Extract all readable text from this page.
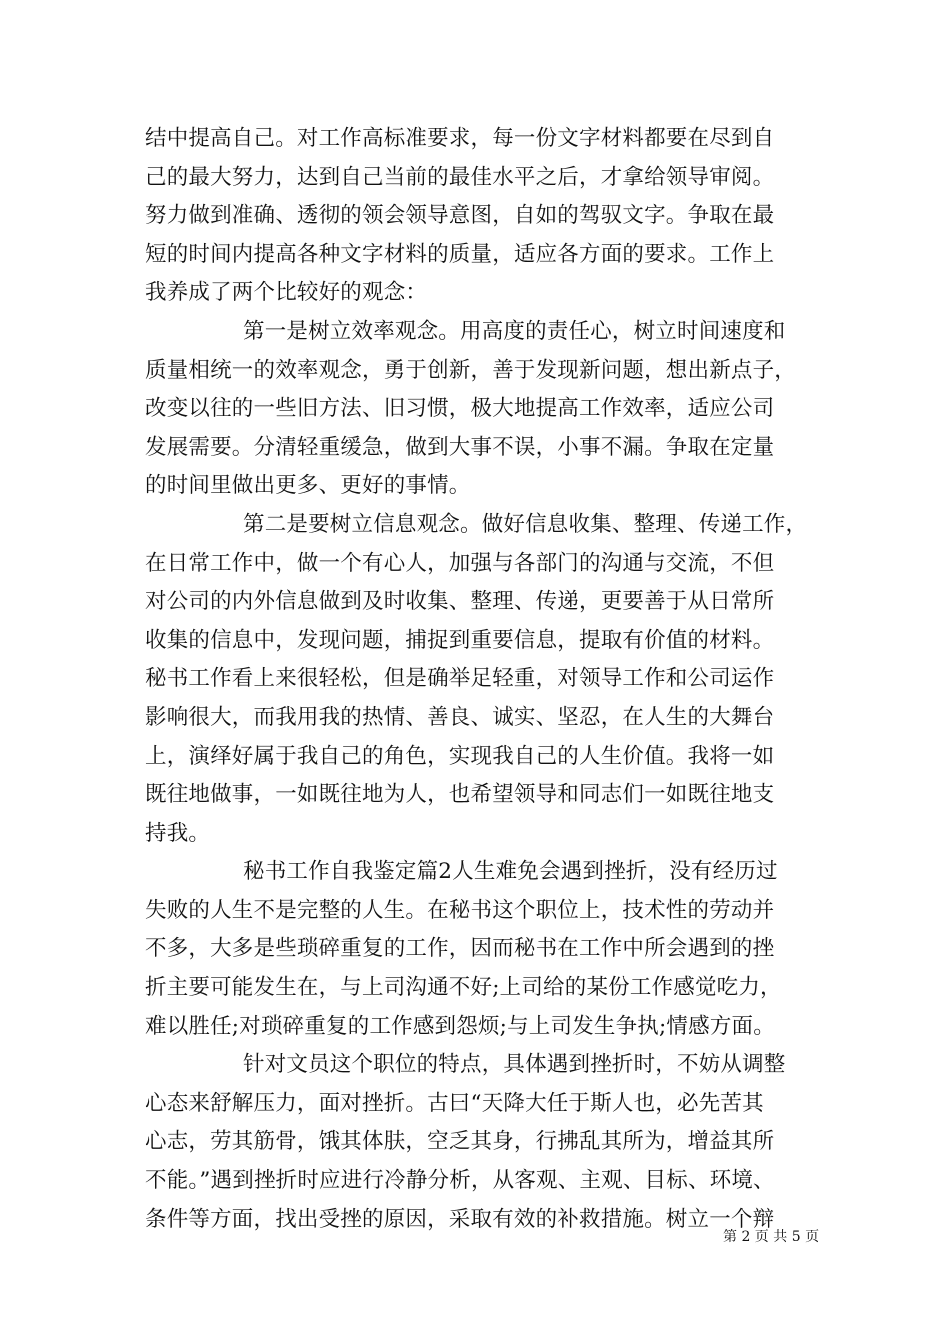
结中提高自己。对工作高标准要求，每一份文字材料都要在尽到自
己的最大努力，达到自己当前的最佳水平之后，才拿给领导审阅。
努力做到准确、透彻的领会领导意图，自如的驾驭文字。争取在最
短的时间内提高各种文字材料的质量，适应各方面的要求。工作上
我养成了两个比较好的观念：
第一是树立效率观念。用高度的责任心，树立时间速度和
质量相统一的效率观念，勇于创新，善于发现新问题，想出新点子，
改变以往的一些旧方法、旧习惯，极大地提高工作效率，适应公司
发展需要。分清轻重缓急，做到大事不误，小事不漏。争取在定量
的时间里做出更多、更好的事情。
第二是要树立信息观念。做好信息收集、整理、传递工作，
在日常工作中，做一个有心人，加强与各部门的沟通与交流，不但
对公司的内外信息做到及时收集、整理、传递，更要善于从日常所
收集的信息中，发现问题，捕捉到重要信息，提取有价值的材料。
秘书工作看上来很轻松，但是确举足轻重，对领导工作和公司运作
影响很大，而我用我的热情、善良、诚实、坚忍，在人生的大舞台
上，演绎好属于我自己的角色，实现我自己的人生价值。我将一如
既往地做事，一如既往地为人，也希望领导和同志们一如既往地支
持我。
秘书工作自我鉴定篇2人生难免会遇到挫折，没有经历过
失败的人生不是完整的人生。在秘书这个职位上，技术性的劳动并
不多，大多是些琐碎重复的工作，因而秘书在工作中所会遇到的挫
折主要可能发生在，与上司沟通不好;上司给的某份工作感觉吃力，
难以胜任;对琐碎重复的工作感到怨烦;与上司发生争执;情感方面。
针对文员这个职位的特点，具体遇到挫折时，不妨从调整
心态来舒解压力，面对挫折。古曰“天降大任于斯人也，必先苦其
心志，劳其筋骨，饿其体肤，空乏其身，行拂乱其所为，增益其所
不能。”遇到挫折时应进行冷静分析，从客观、主观、目标、环境、
条件等方面，找出受挫的原因，采取有效的补救措施。树立一个辩
第 2 页 共 5 页
